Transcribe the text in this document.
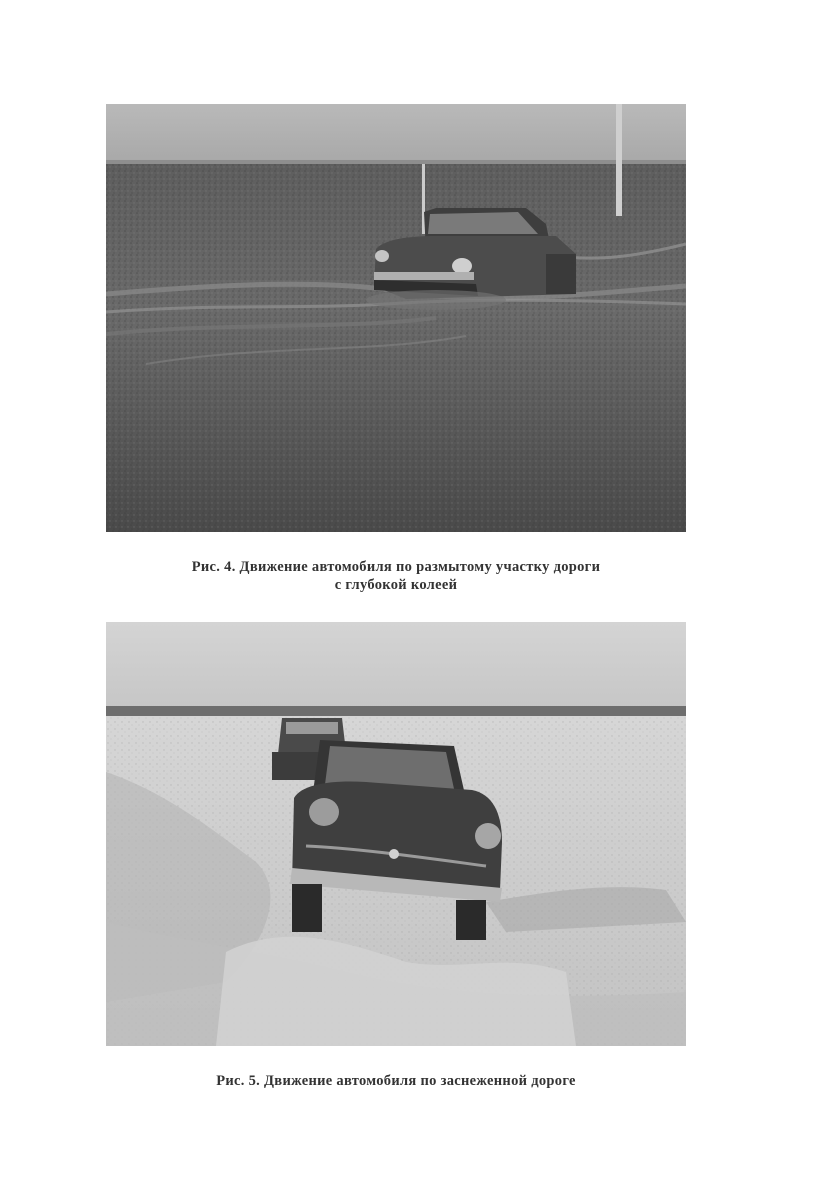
Рис. 4. Движение автомобиля по размытому участку дороги
с глубокой колеей
Рис. 5. Движение автомобиля по заснеженной дороге
